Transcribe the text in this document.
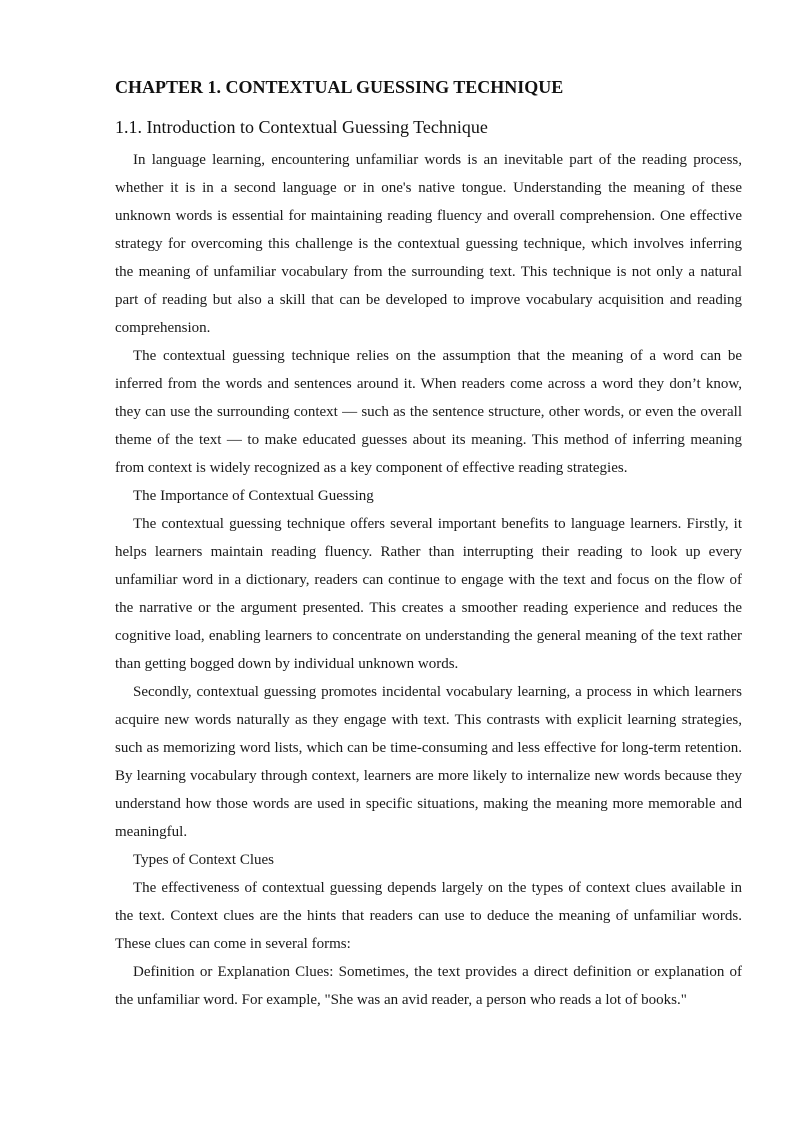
CHAPTER 1. CONTEXTUAL GUESSING TECHNIQUE
1.1. Introduction to Contextual Guessing Technique

In language learning, encountering unfamiliar words is an inevitable part of the reading process, whether it is in a second language or in one's native tongue. Understanding the meaning of these unknown words is essential for maintaining reading fluency and overall comprehension. One effective strategy for overcoming this challenge is the contextual guessing technique, which involves inferring the meaning of unfamiliar vocabulary from the surrounding text. This technique is not only a natural part of reading but also a skill that can be developed to improve vocabulary acquisition and reading comprehension.

The contextual guessing technique relies on the assumption that the meaning of a word can be inferred from the words and sentences around it. When readers come across a word they don’t know, they can use the surrounding context — such as the sentence structure, other words, or even the overall theme of the text — to make educated guesses about its meaning. This method of inferring meaning from context is widely recognized as a key component of effective reading strategies.

The Importance of Contextual Guessing

The contextual guessing technique offers several important benefits to language learners. Firstly, it helps learners maintain reading fluency. Rather than interrupting their reading to look up every unfamiliar word in a dictionary, readers can continue to engage with the text and focus on the flow of the narrative or the argument presented. This creates a smoother reading experience and reduces the cognitive load, enabling learners to concentrate on understanding the general meaning of the text rather than getting bogged down by individual unknown words.

Secondly, contextual guessing promotes incidental vocabulary learning, a process in which learners acquire new words naturally as they engage with text. This contrasts with explicit learning strategies, such as memorizing word lists, which can be time-consuming and less effective for long-term retention. By learning vocabulary through context, learners are more likely to internalize new words because they understand how those words are used in specific situations, making the meaning more memorable and meaningful.

Types of Context Clues

The effectiveness of contextual guessing depends largely on the types of context clues available in the text. Context clues are the hints that readers can use to deduce the meaning of unfamiliar words. These clues can come in several forms:

Definition or Explanation Clues: Sometimes, the text provides a direct definition or explanation of the unfamiliar word. For example, "She was an avid reader, a person who reads a lot of books."
